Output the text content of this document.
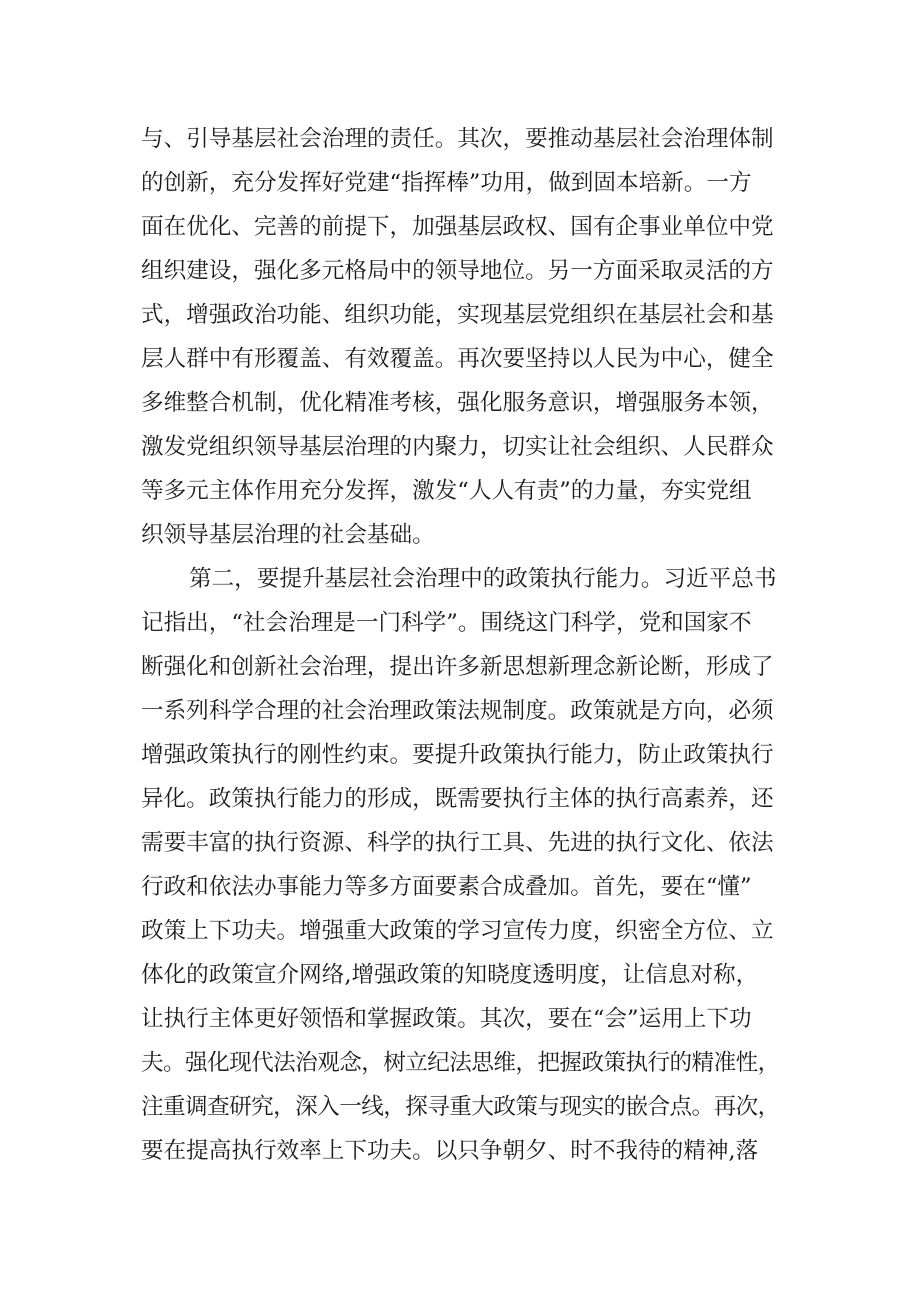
与、引导基层社会治理的责任。其次，要推动基层社会治理体制
的创新，充分发挥好党建“指挥棒”功用，做到固本培新。一方
面在优化、完善的前提下，加强基层政权、国有企事业单位中党
组织建设，强化多元格局中的领导地位。另一方面采取灵活的方
式，增强政治功能、组织功能，实现基层党组织在基层社会和基
层人群中有形覆盖、有效覆盖。再次要坚持以人民为中心，健全
多维整合机制，优化精准考核，强化服务意识，增强服务本领，
激发党组织领导基层治理的内聚力，切实让社会组织、人民群众
等多元主体作用充分发挥，激发“人人有责”的力量，夯实党组
织领导基层治理的社会基础。
第二，要提升基层社会治理中的政策执行能力。习近平总书
记指出，“社会治理是一门科学”。围绕这门科学，党和国家不
断强化和创新社会治理，提出许多新思想新理念新论断，形成了
一系列科学合理的社会治理政策法规制度。政策就是方向，必须
增强政策执行的刚性约束。要提升政策执行能力，防止政策执行
异化。政策执行能力的形成，既需要执行主体的执行高素养，还
需要丰富的执行资源、科学的执行工具、先进的执行文化、依法
行政和依法办事能力等多方面要素合成叠加。首先，要在“懂”
政策上下功夫。增强重大政策的学习宣传力度，织密全方位、立
体化的政策宣介网络,增强政策的知晓度透明度，让信息对称，
让执行主体更好领悟和掌握政策。其次，要在“会”运用上下功
夫。强化现代法治观念，树立纪法思维，把握政策执行的精准性，
注重调查研究，深入一线，探寻重大政策与现实的嵌合点。再次，
要在提高执行效率上下功夫。以只争朝夕、时不我待的精神,落
